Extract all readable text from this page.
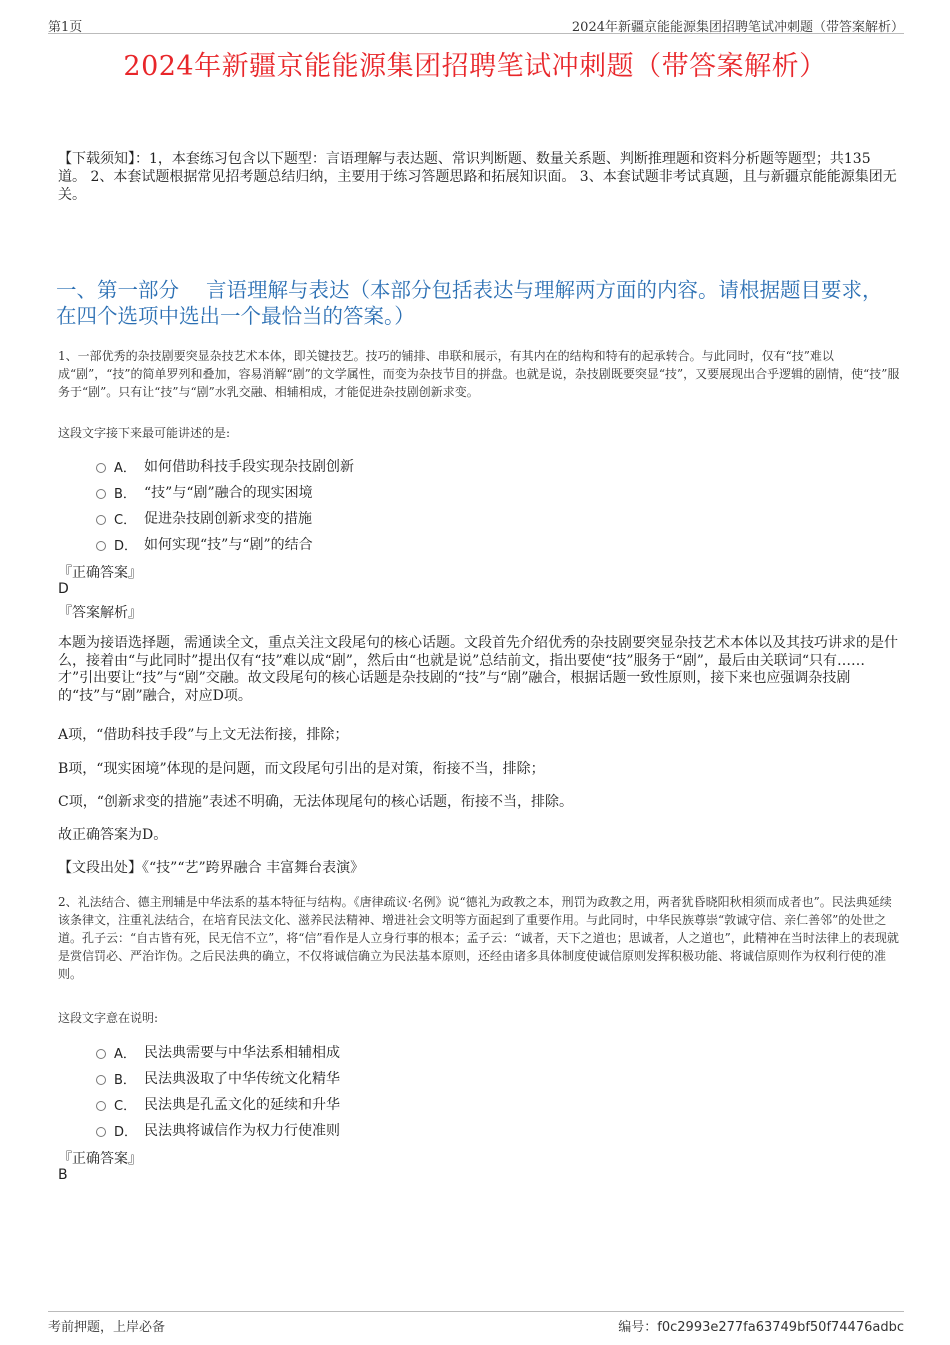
第1页	2024年新疆京能能源集团招聘笔试冲刺题（带答案解析）
2024年新疆京能能源集团招聘笔试冲刺题（带答案解析）
【下载须知】：1，本套练习包含以下题型：言语理解与表达题、常识判断题、数量关系题、判断推理题和资料分析题等题型；共135道。 2、本套试题根据常见招考题总结归纳，主要用于练习答题思路和拓展知识面。 3、本套试题非考试真题，且与新疆京能能源集团无关。
一、第一部分　 言语理解与表达（本部分包括表达与理解两方面的内容。请根据题目要求，在四个选项中选出一个最恰当的答案。）
1、一部优秀的杂技剧要突显杂技艺术本体，即关键技艺。技巧的铺排、串联和展示，有其内在的结构和特有的起承转合。与此同时，仅有“技”难以成“剧”，“技”的简单罗列和叠加，容易消解“剧”的文学属性，而变为杂技节目的拼盘。也就是说，杂技剧既要突显“技”，又要展现出合乎逻辑的剧情，使“技”服务于“剧”。只有让“技”与“剧”水乳交融、相辅相成，才能促进杂技剧创新求变。
这段文字接下来最可能讲述的是:
A． 如何借助科技手段实现杂技剧创新
B． “技”与“剧”融合的现实困境
C． 促进杂技剧创新求变的措施
D． 如何实现“技”与“剧”的结合
『正确答案』
D
『答案解析』
本题为接语选择题，需通读全文，重点关注文段尾句的核心话题。文段首先介绍优秀的杂技剧要突显杂技艺术本体以及其技巧讲求的是什么，接着由“与此同时”提出仅有“技”难以成“剧”，然后由“也就是说”总结前文，指出要使“技”服务于“剧”，最后由关联词“只有……才”引出要让“技”与“剧”交融。故文段尾句的核心话题是杂技剧的“技”与“剧”融合，根据话题一致性原则，接下来也应强调杂技剧的“技”与“剧”融合，对应D项。
A项，“借助科技手段”与上文无法衔接，排除；
B项，“现实困境”体现的是问题，而文段尾句引出的是对策，衔接不当，排除；
C项，“创新求变的措施”表述不明确，无法体现尾句的核心话题，衔接不当，排除。
故正确答案为D。
【文段出处】《“技”“艺”跨界融合 丰富舞台表演》
2、礼法结合、德主刑辅是中华法系的基本特征与结构。《唐律疏议·名例》说“德礼为政教之本，刑罚为政教之用，两者犹昏晓阳秋相须而成者也”。民法典延续该条律文，注重礼法结合，在培育民法文化、滋养民法精神、增进社会文明等方面起到了重要作用。与此同时，中华民族尊崇“敦诚守信、亲仁善邻”的处世之道。孔子云：“自古皆有死，民无信不立”，将“信”看作是人立身行事的根本；孟子云：“诚者，天下之道也；思诚者，人之道也”，此精神在当时法律上的表现就是赏信罚必、严治诈伪。之后民法典的确立，不仅将诚信确立为民法基本原则，还经由诸多具体制度使诚信原则发挥积极功能、将诚信原则作为权利行使的准则。
这段文字意在说明:
A． 民法典需要与中华法系相辅相成
B． 民法典汲取了中华传统文化精华
C． 民法典是孔孟文化的延续和升华
D． 民法典将诚信作为权力行使准则
『正确答案』
B
考前押题，上岸必备	编号：f0c2993e277fa63749bf50f74476adbc
